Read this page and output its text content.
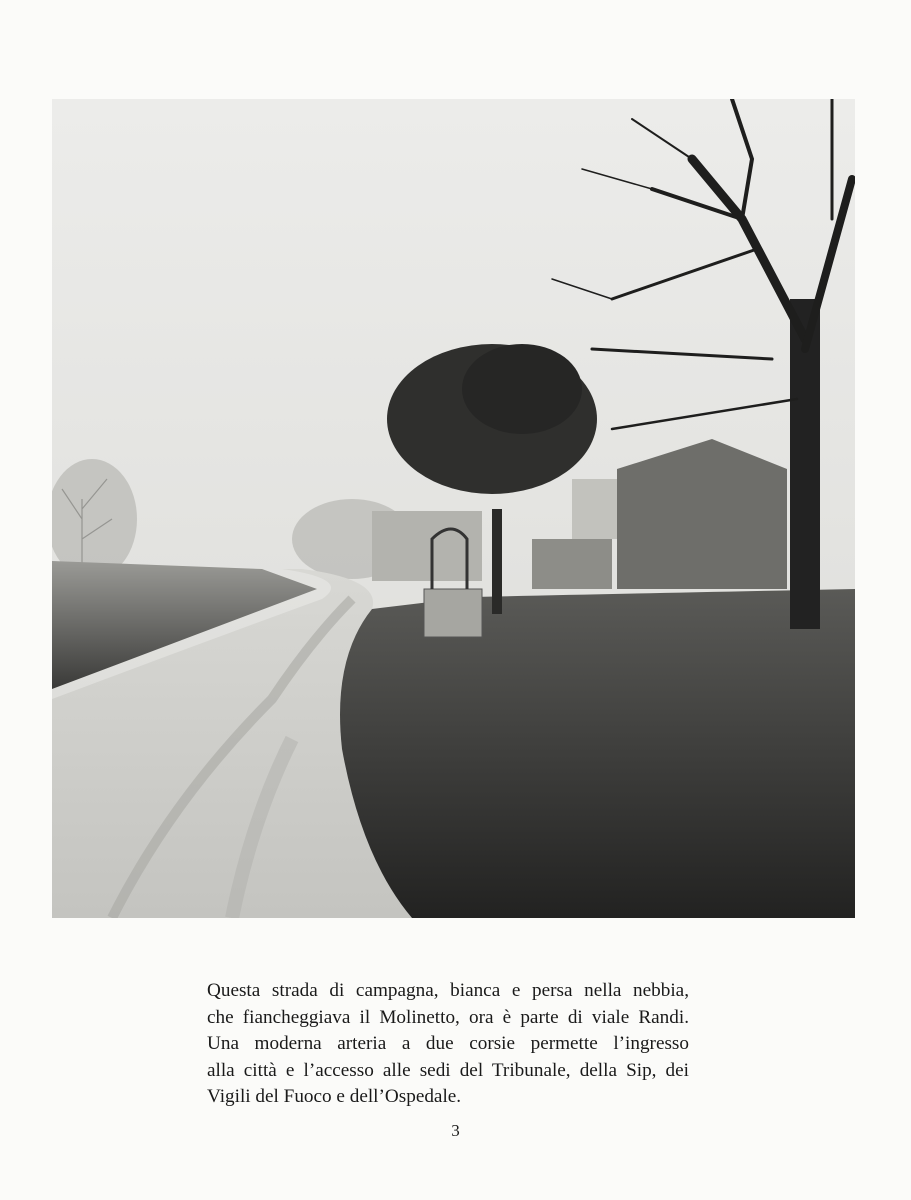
Questa strada di campagna, bianca e persa nella nebbia,
che fiancheggiava il Molinetto, ora è parte di viale Randi.
Una moderna arteria a due corsie permette l’ingresso
alla città e l’accesso alle sedi del Tribunale, della Sip, dei
Vigili del Fuoco e dell’Ospedale.

3
